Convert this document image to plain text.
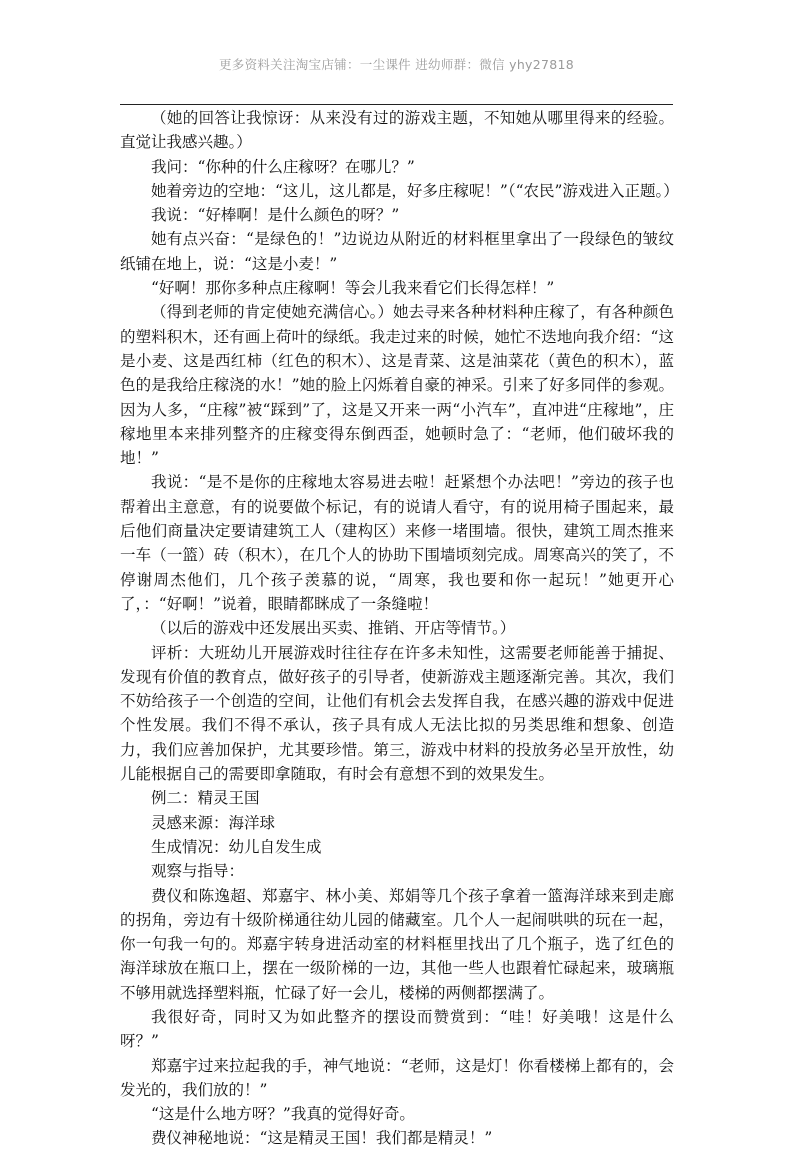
更多资料关注淘宝店铺：一尘课件 进幼师群：微信 yhy27818

（她的回答让我惊讶：从来没有过的游戏主题，不知她从哪里得来的经验。直觉让我感兴趣。）

我问：“你种的什么庄稼呀？在哪儿？”

她着旁边的空地：“这儿，这儿都是，好多庄稼呢！”（“农民”游戏进入正题。）

我说：“好棒啊！是什么颜色的呀？”

她有点兴奋：“是绿色的！”边说边从附近的材料框里拿出了一段绿色的皱纹纸铺在地上，说：“这是小麦！”

“好啊！那你多种点庄稼啊！等会儿我来看它们长得怎样！”

（得到老师的肯定使她充满信心。）她去寻来各种材料种庄稼了，有各种颜色的塑料积木，还有画上荷叶的绿纸。我走过来的时候，她忙不迭地向我介绍：“这是小麦、这是西红柿（红色的积木）、这是青菜、这是油菜花（黄色的积木），蓝色的是我给庄稼浇的水！”她的脸上闪烁着自豪的神采。引来了好多同伴的参观。因为人多，“庄稼”被“踩到”了，这是又开来一两“小汽车”，直冲进“庄稼地”，庄稼地里本来排列整齐的庄稼变得东倒西歪，她顿时急了：“老师，他们破坏我的地！”

我说：“是不是你的庄稼地太容易进去啦！赶紧想个办法吧！”旁边的孩子也帮着出主意意，有的说要做个标记，有的说请人看守，有的说用椅子围起来，最后他们商量决定要请建筑工人（建构区）来修一堵围墙。很快，建筑工周杰推来一车（一篮）砖（积木），在几个人的协助下围墙顷刻完成。周寒高兴的笑了，不停谢周杰他们，几个孩子羡慕的说，“周寒，我也要和你一起玩！”她更开心了，：“好啊！”说着，眼睛都眯成了一条缝啦！

（以后的游戏中还发展出买卖、推销、开店等情节。）

评析：大班幼儿开展游戏时往往存在许多未知性，这需要老师能善于捕捉、发现有价值的教育点，做好孩子的引导者，使新游戏主题逐渐完善。其次，我们不妨给孩子一个创造的空间，让他们有机会去发挥自我，在感兴趣的游戏中促进个性发展。我们不得不承认，孩子具有成人无法比拟的另类思维和想象、创造力，我们应善加保护，尤其要珍惜。第三，游戏中材料的投放务必呈开放性，幼儿能根据自己的需要即拿随取，有时会有意想不到的效果发生。

例二：精灵王国

灵感来源：海洋球

生成情况：幼儿自发生成

观察与指导：

费仪和陈逸超、郑嘉宇、林小美、郑娟等几个孩子拿着一篮海洋球来到走廊的拐角，旁边有十级阶梯通往幼儿园的储藏室。几个人一起闹哄哄的玩在一起，你一句我一句的。郑嘉宇转身进活动室的材料框里找出了几个瓶子，选了红色的海洋球放在瓶口上，摆在一级阶梯的一边，其他一些人也跟着忙碌起来，玻璃瓶不够用就选择塑料瓶，忙碌了好一会儿，楼梯的两侧都摆满了。

我很好奇，同时又为如此整齐的摆设而赞赏到：“哇！好美哦！这是什么呀？”

郑嘉宇过来拉起我的手，神气地说：“老师，这是灯！你看楼梯上都有的，会发光的，我们放的！”

“这是什么地方呀？”我真的觉得好奇。

费仪神秘地说：“这是精灵王国！我们都是精灵！”
